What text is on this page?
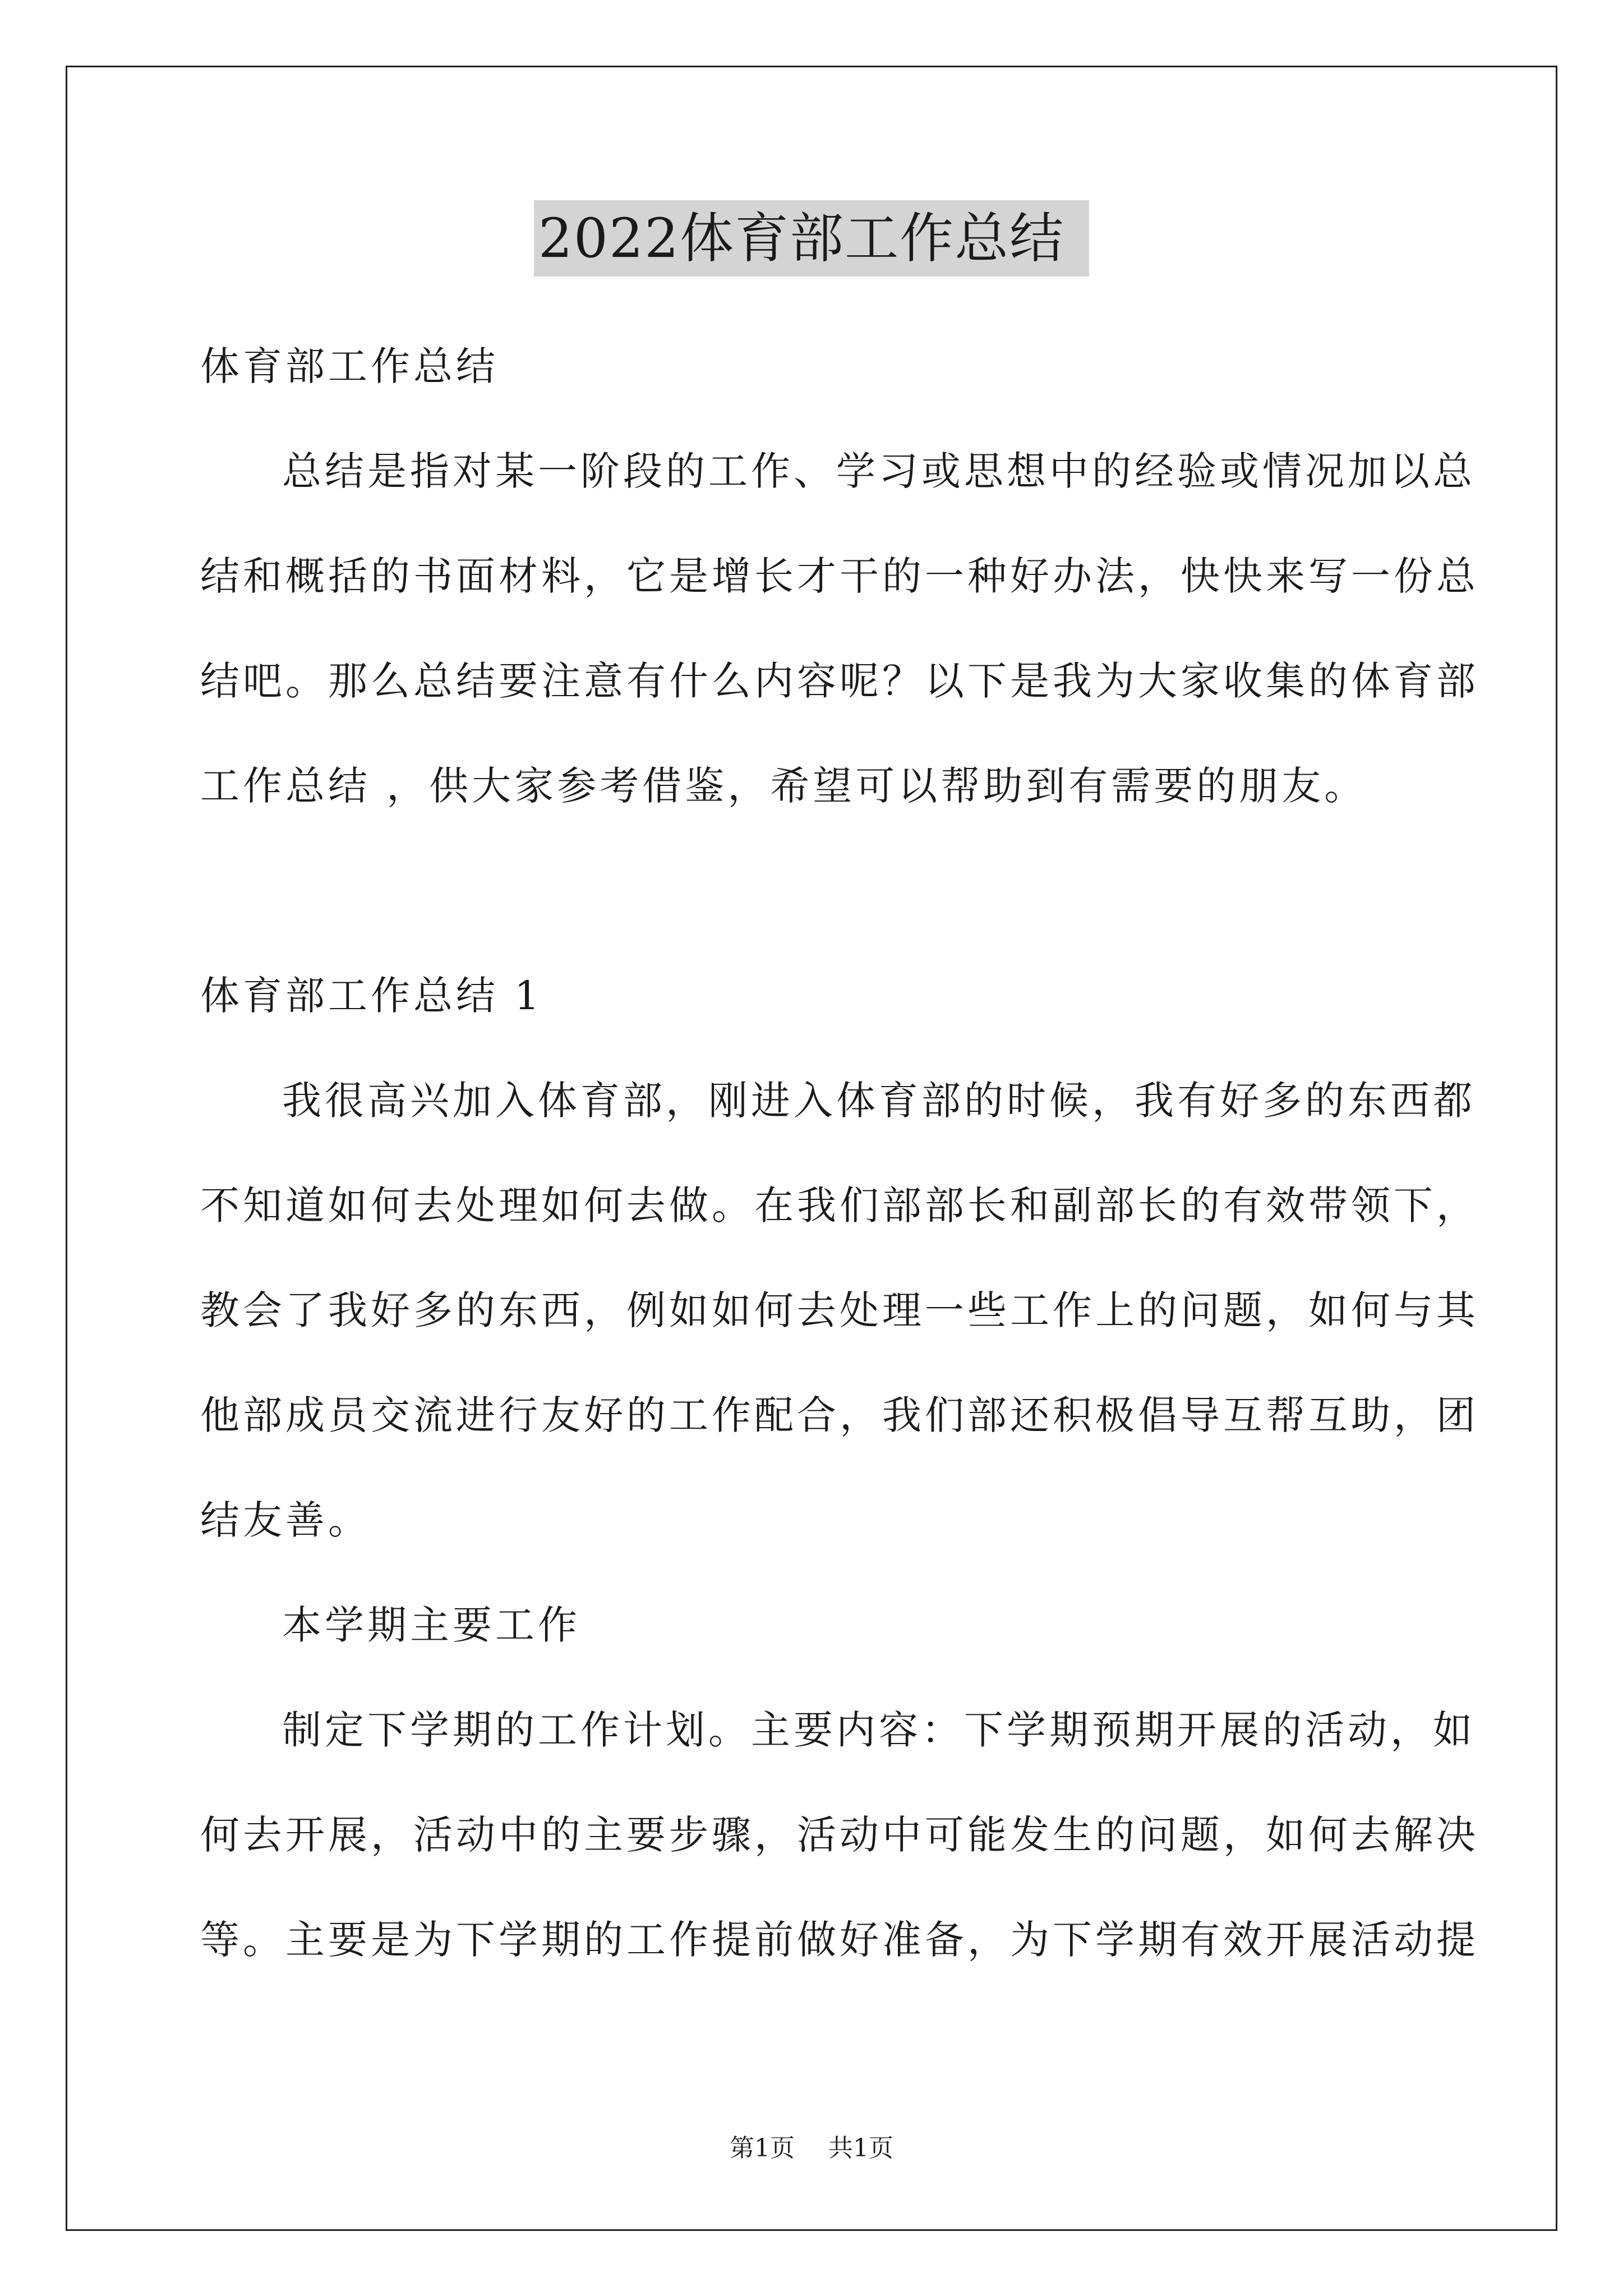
2022体育部工作总结
体育部工作总结
总结是指对某一阶段的工作、学习或思想中的经验或情况加以总
结和概括的书面材料，它是增长才干的一种好办法，快快来写一份总
结吧。那么总结要注意有什么内容呢？以下是我为大家收集的体育部
工作总结 ，供大家参考借鉴，希望可以帮助到有需要的朋友。
体育部工作总结 1
我很高兴加入体育部，刚进入体育部的时候，我有好多的东西都
不知道如何去处理如何去做。在我们部部长和副部长的有效带领下，
教会了我好多的东西，例如如何去处理一些工作上的问题，如何与其
他部成员交流进行友好的工作配合，我们部还积极倡导互帮互助，团
结友善。
本学期主要工作
制定下学期的工作计划。主要内容：下学期预期开展的活动，如
何去开展，活动中的主要步骤，活动中可能发生的问题，如何去解决
等。主要是为下学期的工作提前做好准备，为下学期有效开展活动提
第1页 共1页
